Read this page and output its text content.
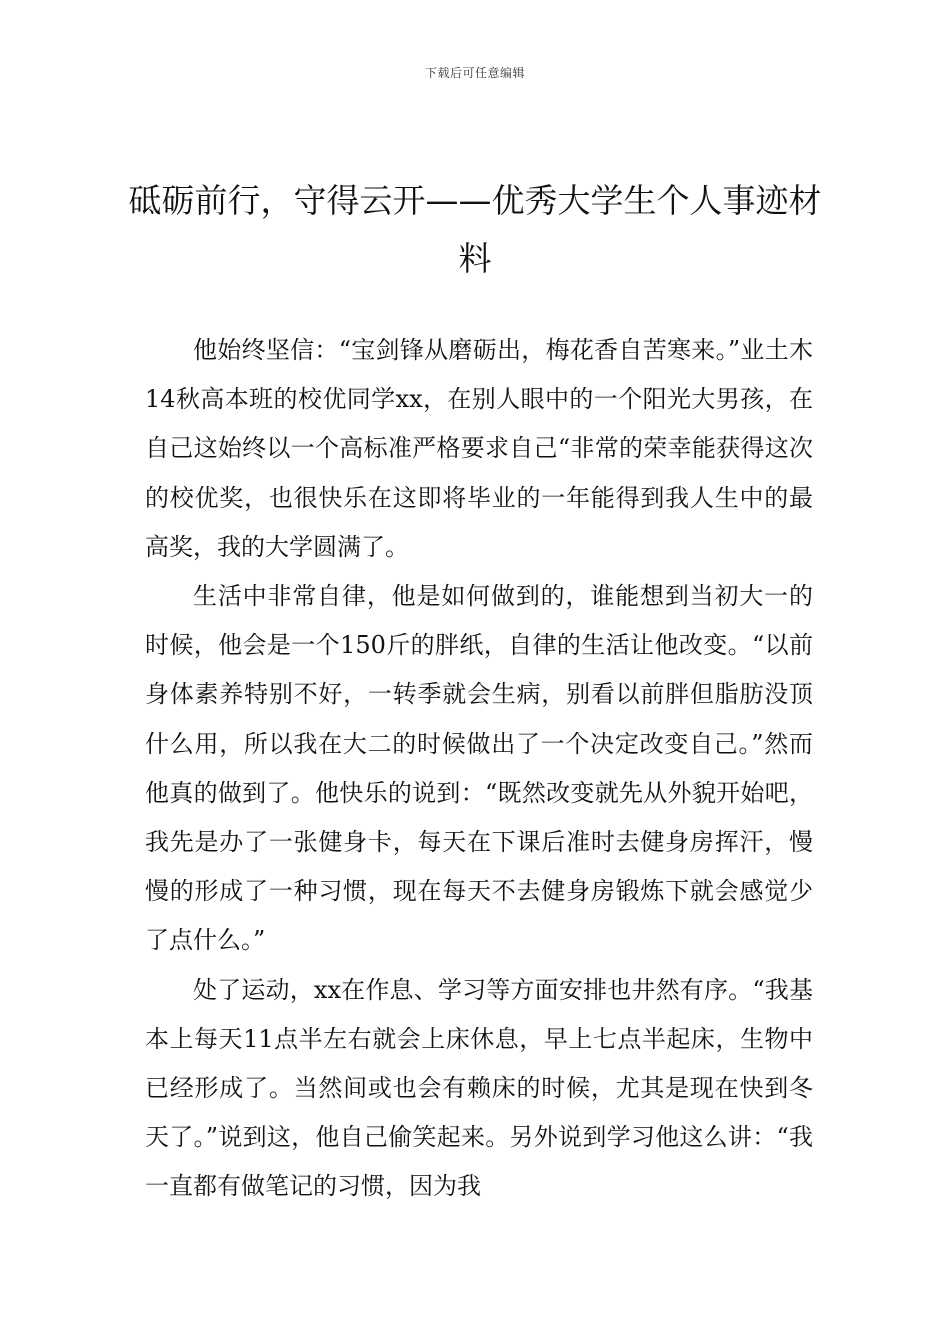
下载后可任意编辑
砥砺前行，守得云开——优秀大学生个人事迹材料

他始终坚信：“宝剑锋从磨砺出，梅花香自苦寒来。”业土木14秋高本班的校优同学xx，在别人眼中的一个阳光大男孩，在自己这始终以一个高标准严格要求自己“非常的荣幸能获得这次的校优奖，也很快乐在这即将毕业的一年能得到我人生中的最高奖，我的大学圆满了。

生活中非常自律，他是如何做到的，谁能想到当初大一的时候，他会是一个150斤的胖纸，自律的生活让他改变。“以前身体素养特别不好，一转季就会生病，别看以前胖但脂肪没顶什么用，所以我在大二的时候做出了一个决定改变自己。”然而他真的做到了。他快乐的说到：“既然改变就先从外貌开始吧，我先是办了一张健身卡，每天在下课后准时去健身房挥汗，慢慢的形成了一种习惯，现在每天不去健身房锻炼下就会感觉少了点什么。”

处了运动，xx在作息、学习等方面安排也井然有序。“我基本上每天11点半左右就会上床休息，早上七点半起床，生物中已经形成了。当然间或也会有赖床的时候，尤其是现在快到冬天了。”说到这，他自己偷笑起来。另外说到学习他这么讲：“我一直都有做笔记的习惯，因为我
